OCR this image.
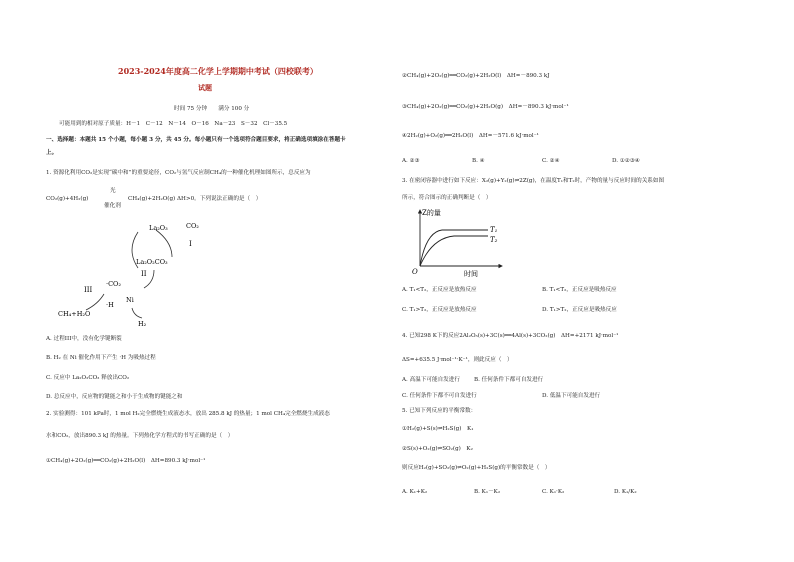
2023-2024年度高二化学上学期期中考试（四校联考）
试题
时间 75 分钟　　满分 100 分
可能用到的相对原子质量：H－1　C－12　N－14　O－16　Na－23　S－32　Cl－35.5
一、选择题：本题共 15 个小题，每小题 3 分，共 45 分。每小题只有一个选项符合题目要求，将正确选项填涂在答题卡
上。
1. 资源化利用CO₂是实现“碳中和”的重要途径，CO₂与氢气反应制CH₄的一种催化机理如图所示，总反应为
CO₂(g)+4H₂(g)
光
催化剂
CH₄(g)+2H₂O(g) ΔH>0。下列说法正确的是（　）
La₂O₃	CO₂
I
La₂O₂CO₃
II
·CO₂
III
·H
Ni
CH₄+H₂O
H₂
A. 过程III中，没有化学键断裂
B. H₂ 在 Ni 催化作用下产生 ·H 为吸热过程
C. 反应中 La₂O₂CO₃ 释放出CO₂
D. 总反应中，反应物的键能之和小于生成物的键能之和
2. 实验测得：101 kPa时，1 mol H₂完全燃烧生成液态水，放出 285.8 kJ 的热量；1 mol CH₄完全燃烧生成液态
水和CO₂，放出890.3 kJ 的热量。下列热化学方程式的书写正确的是（　）
①CH₄(g)+2O₂(g)══CO₂(g)+2H₂O(l)　ΔH=890.3 kJ·mol⁻¹
②CH₄(g)+2O₂(g)══CO₂(g)+2H₂O(l)　ΔH=－890.3 kJ
③CH₄(g)+2O₂(g)══CO₂(g)+2H₂O(g)　ΔH=－890.3 kJ·mol⁻¹
④2H₂(g)+O₂(g)══2H₂O(l)　ΔH=－571.6 kJ·mol⁻¹
A. ②③	B. ④	C. ②④	D. ①②③④
3. 在密闭容器中进行如下反应：X₂(g)+Y₂(g)⇌2Z(g)，在温度T₁和T₂时，产物的量与反应时间的关系如图
所示，符合图示的正确判断是（　）
Z的量
时间
O
T₁
T₂
A. T₁<T₂，正反应是放热反应	B. T₁<T₂，正反应是吸热反应
C. T₁>T₂，正反应是放热反应	D. T₁>T₂，正反应是吸热反应
4. 已知298 K下的反应2Al₂O₃(s)+3C(s)══4Al(s)+3CO₂(g)　ΔH=+2171 kJ·mol⁻¹
ΔS=+635.5 J·mol⁻¹·K⁻¹，则此反应（　）
A. 高温下可能自发进行	B. 任何条件下都可自发进行
C. 任何条件下都不可自发进行	D. 低温下可能自发进行
5. 已知下列反应的平衡常数：
①H₂(g)+S(s)⇌H₂S(g)　K₁
②S(s)+O₂(g)⇌SO₂(g)　K₂
则反应H₂(g)+SO₂(g)⇌O₂(g)+H₂S(g)的平衡常数是（　）
A. K₁+K₂	B. K₁－K₂	C. K₁·K₂	D. K₁/K₂
